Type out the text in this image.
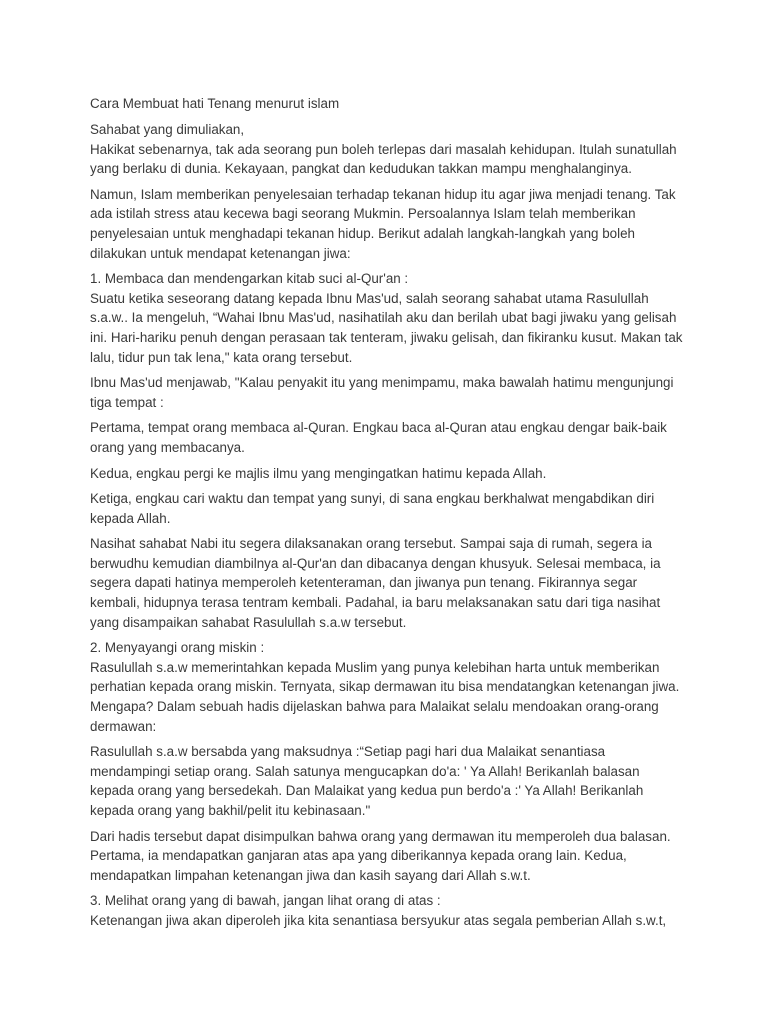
Cara Membuat hati Tenang menurut islam
Sahabat yang dimuliakan,
Hakikat sebenarnya, tak ada seorang pun boleh terlepas dari masalah kehidupan. Itulah sunatullah
yang berlaku di dunia. Kekayaan, pangkat dan kedudukan takkan mampu menghalanginya.
Namun, Islam memberikan penyelesaian terhadap tekanan hidup itu agar jiwa menjadi tenang. Tak
ada istilah stress atau kecewa bagi seorang Mukmin. Persoalannya Islam telah memberikan
penyelesaian untuk menghadapi tekanan hidup. Berikut adalah langkah-langkah yang boleh
dilakukan untuk mendapat ketenangan jiwa:
1. Membaca dan mendengarkan kitab suci al-Qur'an :
Suatu ketika seseorang datang kepada Ibnu Mas'ud, salah seorang sahabat utama Rasulullah
s.a.w.. Ia mengeluh, “Wahai Ibnu Mas'ud, nasihatilah aku dan berilah ubat bagi jiwaku yang gelisah
ini. Hari-hariku penuh dengan perasaan tak tenteram, jiwaku gelisah, dan fikiranku kusut. Makan tak
lalu, tidur pun tak lena," kata orang tersebut.
Ibnu Mas'ud menjawab, "Kalau penyakit itu yang menimpamu, maka bawalah hatimu mengunjungi
tiga tempat :
Pertama, tempat orang membaca al-Quran. Engkau baca al-Quran atau engkau dengar baik-baik
orang yang membacanya.
Kedua, engkau pergi ke majlis ilmu yang mengingatkan hatimu kepada Allah.
Ketiga, engkau cari waktu dan tempat yang sunyi, di sana engkau berkhalwat mengabdikan diri
kepada Allah.
Nasihat sahabat Nabi itu segera dilaksanakan orang tersebut. Sampai saja di rumah, segera ia
berwudhu kemudian diambilnya al-Qur'an dan dibacanya dengan khusyuk. Selesai membaca, ia
segera dapati hatinya memperoleh ketenteraman, dan jiwanya pun tenang. Fikirannya segar
kembali, hidupnya terasa tentram kembali. Padahal, ia baru melaksanakan satu dari tiga nasihat
yang disampaikan sahabat Rasulullah s.a.w tersebut.
2. Menyayangi orang miskin :
Rasulullah s.a.w memerintahkan kepada Muslim yang punya kelebihan harta untuk memberikan
perhatian kepada orang miskin. Ternyata, sikap dermawan itu bisa mendatangkan ketenangan jiwa.
Mengapa? Dalam sebuah hadis dijelaskan bahwa para Malaikat selalu mendoakan orang-orang
dermawan:
Rasulullah s.a.w bersabda yang maksudnya :“Setiap pagi hari dua Malaikat senantiasa
mendampingi setiap orang. Salah satunya mengucapkan do'a: ' Ya Allah! Berikanlah balasan
kepada orang yang bersedekah. Dan Malaikat yang kedua pun berdo'a :' Ya Allah! Berikanlah
kepada orang yang bakhil/pelit itu kebinasaan."
Dari hadis tersebut dapat disimpulkan bahwa orang yang dermawan itu memperoleh dua balasan.
Pertama, ia mendapatkan ganjaran atas apa yang diberikannya kepada orang lain. Kedua,
mendapatkan limpahan ketenangan jiwa dan kasih sayang dari Allah s.w.t.
3. Melihat orang yang di bawah, jangan lihat orang di atas :
Ketenangan jiwa akan diperoleh jika kita senantiasa bersyukur atas segala pemberian Allah s.w.t,
